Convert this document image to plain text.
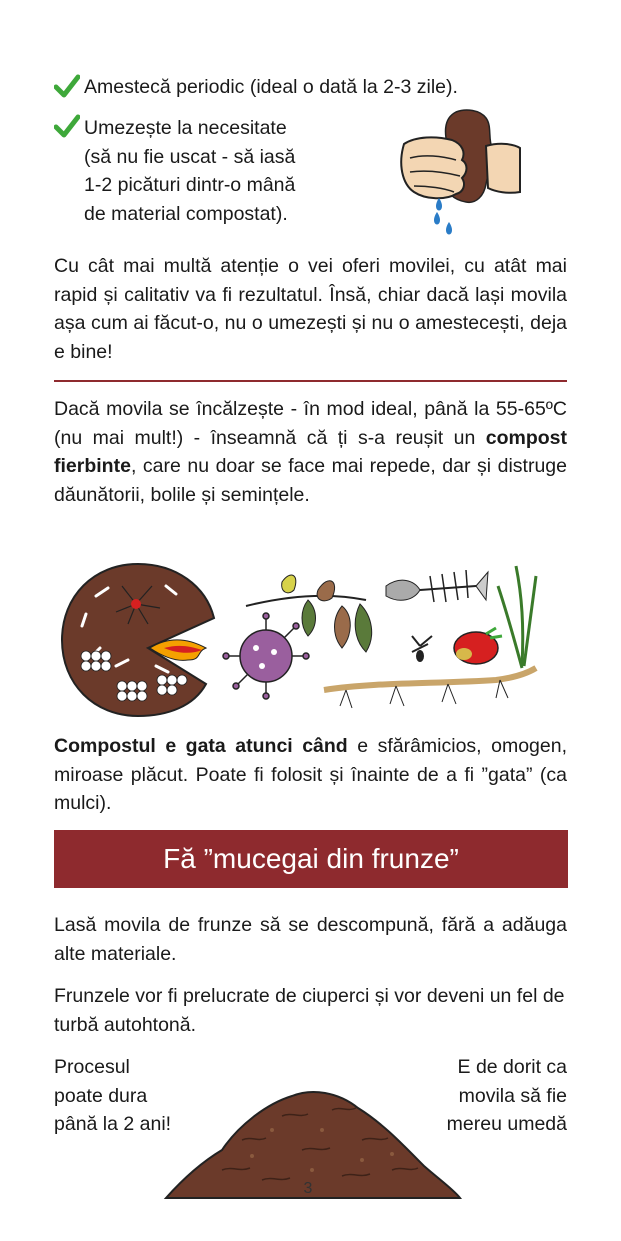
Amestecă periodic (ideal o dată la 2-3 zile).
Umezește la necesitate
(să nu fie uscat - să iasă
1-2 picături dintr-o mână
de material compostat).
Cu cât mai multă atenție o vei oferi movilei, cu atât mai rapid și calitativ va fi rezultatul. Însă, chiar dacă lași movila așa cum ai făcut-o, nu o umezești și nu o amestecești, deja e bine!
Dacă movila se încălzește - în mod ideal, până la 55-65ºC (nu mai mult!) - înseamnă că ți s-a reușit un compost fierbinte, care nu doar se face mai repede, dar și distruge dăunătorii, bolile și semințele.
Compostul e gata atunci când e sfărâmicios, omogen, miroase plăcut. Poate fi folosit și înainte de a fi ”gata” (ca mulci).
Fă ”mucegai din frunze”
Lasă movila de frunze să se descompună, fără a adăuga alte materiale.
Frunzele vor fi prelucrate de ciuperci și vor deveni un fel de turbă autohtonă.
Procesul
poate dura
până la 2 ani!
E de dorit ca
movila să fie
mereu umedă
3
